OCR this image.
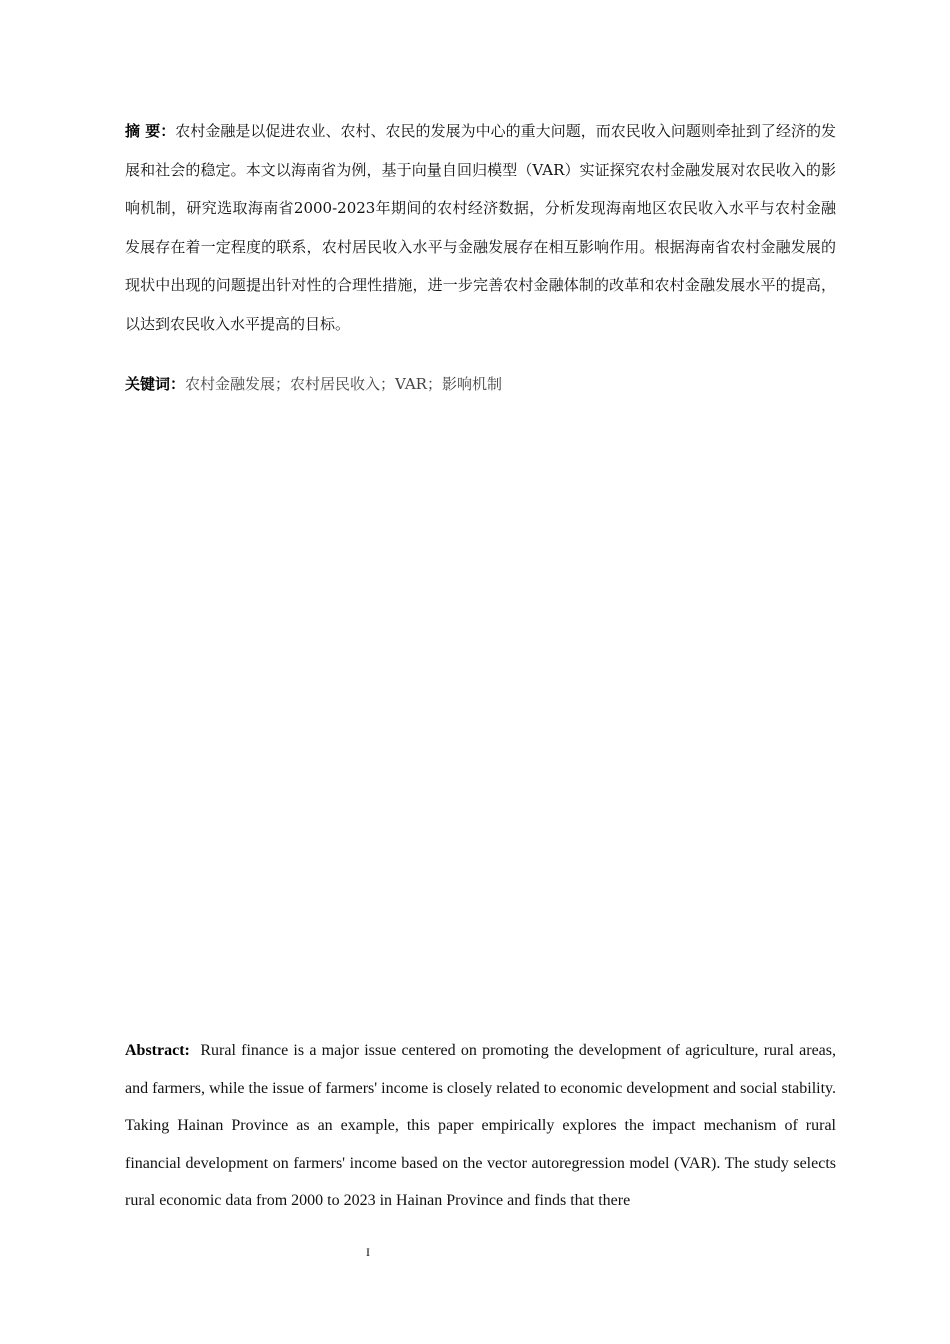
摘 要：农村金融是以促进农业、农村、农民的发展为中心的重大问题，而农民收入问题则牵扯到了经济的发展和社会的稳定。本文以海南省为例，基于向量自回归模型（VAR）实证探究农村金融发展对农民收入的影响机制，研究选取海南省2000-2023年期间的农村经济数据，分析发现海南地区农民收入水平与农村金融发展存在着一定程度的联系，农村居民收入水平与金融发展存在相互影响作用。根据海南省农村金融发展的现状中出现的问题提出针对性的合理性措施，进一步完善农村金融体制的改革和农村金融发展水平的提高，以达到农民收入水平提高的目标。

关键词：农村金融发展；农村居民收入；VAR；影响机制

Abstract: Rural finance is a major issue centered on promoting the development of agriculture, rural areas, and farmers, while the issue of farmers' income is closely related to economic development and social stability. Taking Hainan Province as an example, this paper empirically explores the impact mechanism of rural financial development on farmers' income based on the vector autoregression model (VAR). The study selects rural economic data from 2000 to 2023 in Hainan Province and finds that there

I
